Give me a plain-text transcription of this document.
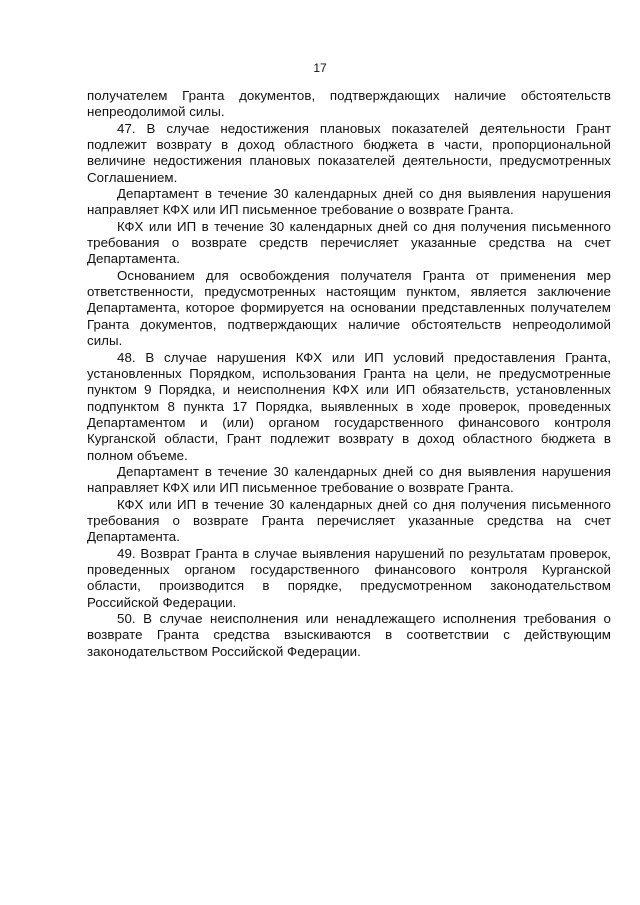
17

получателем Гранта документов, подтверждающих наличие обстоятельств непреодолимой силы.

47. В случае недостижения плановых показателей деятельности Грант подлежит возврату в доход областного бюджета в части, пропорциональной величине недостижения плановых показателей деятельности, предусмотренных Соглашением.

Департамент в течение 30 календарных дней со дня выявления нарушения направляет КФХ или ИП письменное требование о возврате Гранта.

КФХ или ИП в течение 30 календарных дней со дня получения письменного требования о возврате средств перечисляет указанные средства на счет Департамента.

Основанием для освобождения получателя Гранта от применения мер ответственности, предусмотренных настоящим пунктом, является заключение Департамента, которое формируется на основании представленных получателем Гранта документов, подтверждающих наличие обстоятельств непреодолимой силы.

48. В случае нарушения КФХ или ИП условий предоставления Гранта, установленных Порядком, использования Гранта на цели, не предусмотренные пунктом 9 Порядка, и неисполнения КФХ или ИП обязательств, установленных подпунктом 8 пункта 17 Порядка, выявленных в ходе проверок, проведенных Департаментом и (или) органом государственного финансового контроля Курганской области, Грант подлежит возврату в доход областного бюджета в полном объеме.

Департамент в течение 30 календарных дней со дня выявления нарушения направляет КФХ или ИП письменное требование о возврате Гранта.

КФХ или ИП в течение 30 календарных дней со дня получения письменного требования о возврате Гранта перечисляет указанные средства на счет Департамента.

49. Возврат Гранта в случае выявления нарушений по результатам проверок, проведенных органом государственного финансового контроля Курганской области, производится в порядке, предусмотренном законодательством Российской Федерации.

50. В случае неисполнения или ненадлежащего исполнения требования о возврате Гранта средства взыскиваются в соответствии с действующим законодательством Российской Федерации.
